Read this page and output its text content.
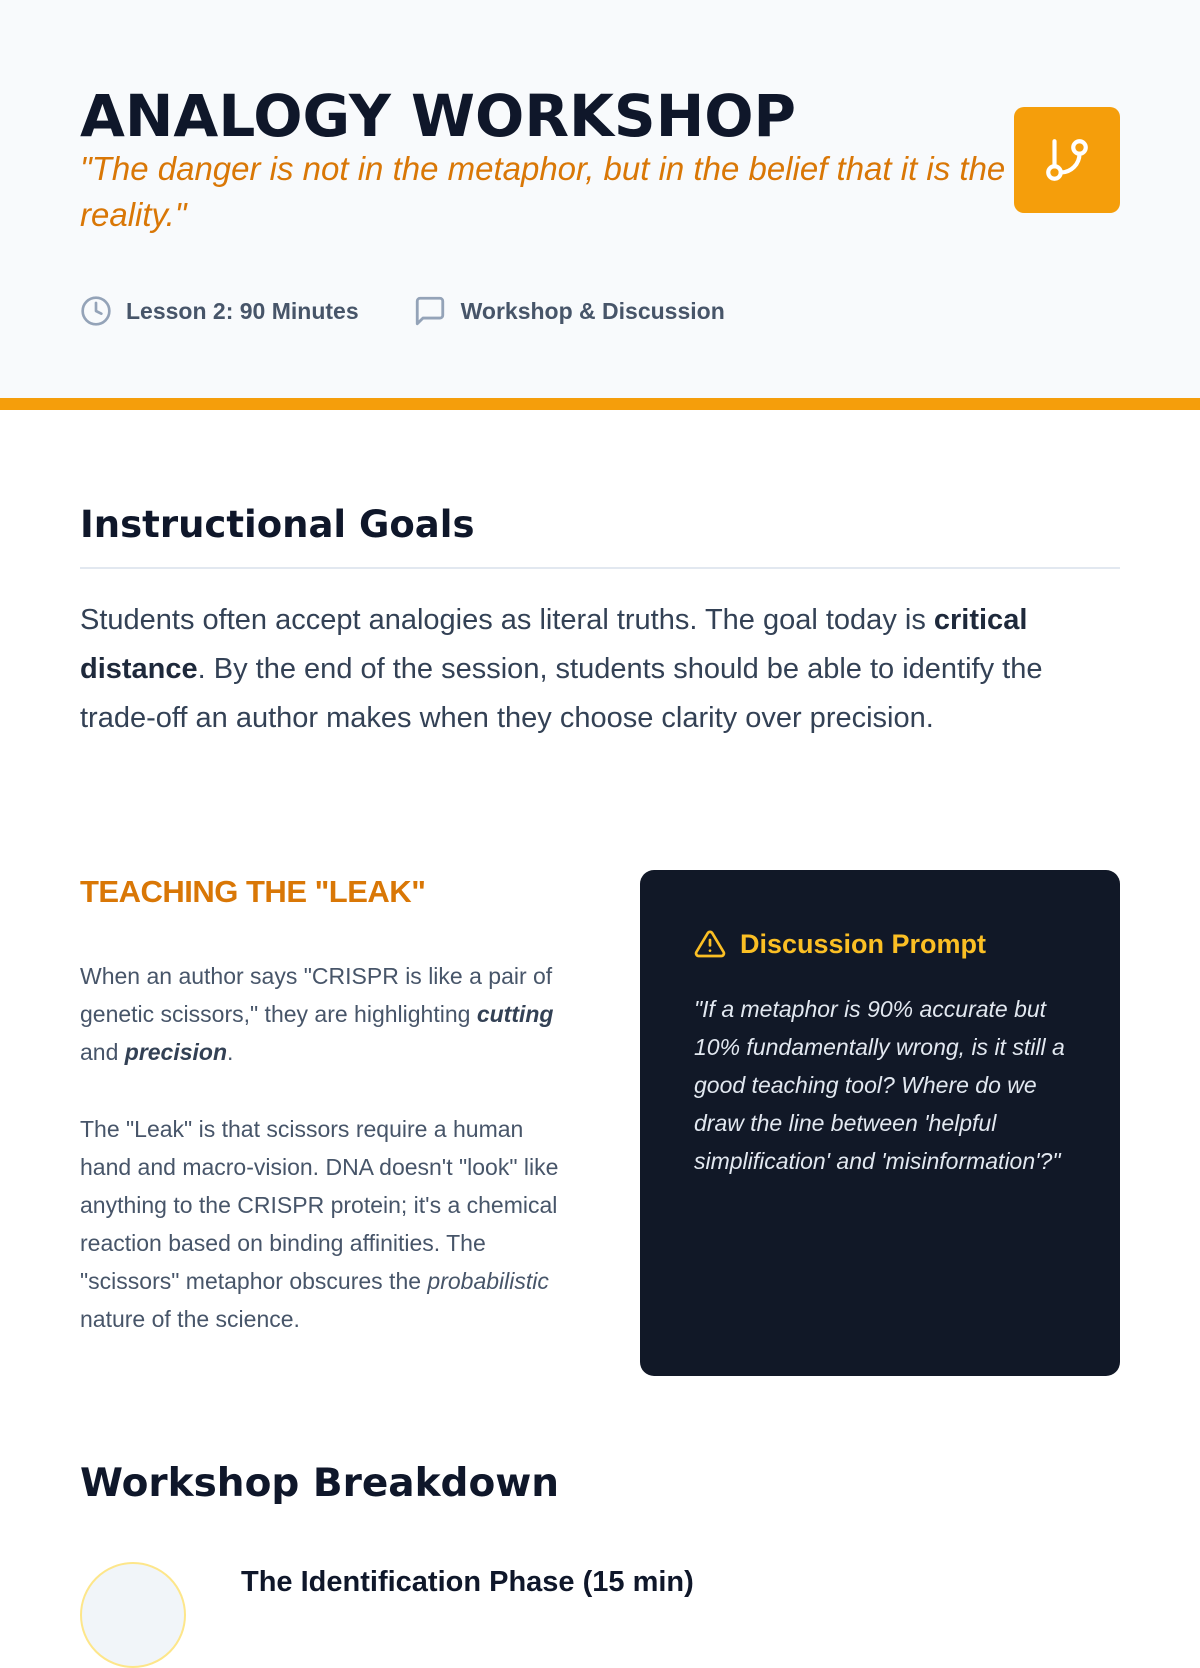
ANALOGY WORKSHOP

"The danger is not in the metaphor, but in the belief that it is the reality."

Lesson 2: 90 Minutes	Workshop & Discussion
Instructional Goals

Students often accept analogies as literal truths. The goal today is critical distance. By the end of the session, students should be able to identify the trade-off an author makes when they choose clarity over precision.

TEACHING THE "LEAK"

When an author says "CRISPR is like a pair of genetic scissors," they are highlighting cutting and precision.

The "Leak" is that scissors require a human hand and macro-vision. DNA doesn't "look" like anything to the CRISPR protein; it's a chemical reaction based on binding affinities. The "scissors" metaphor obscures the probabilistic nature of the science.

Discussion Prompt

"If a metaphor is 90% accurate but 10% fundamentally wrong, is it still a good teaching tool? Where do we draw the line between 'helpful simplification' and 'misinformation'?"

Workshop Breakdown
The Identification Phase (15 min)
